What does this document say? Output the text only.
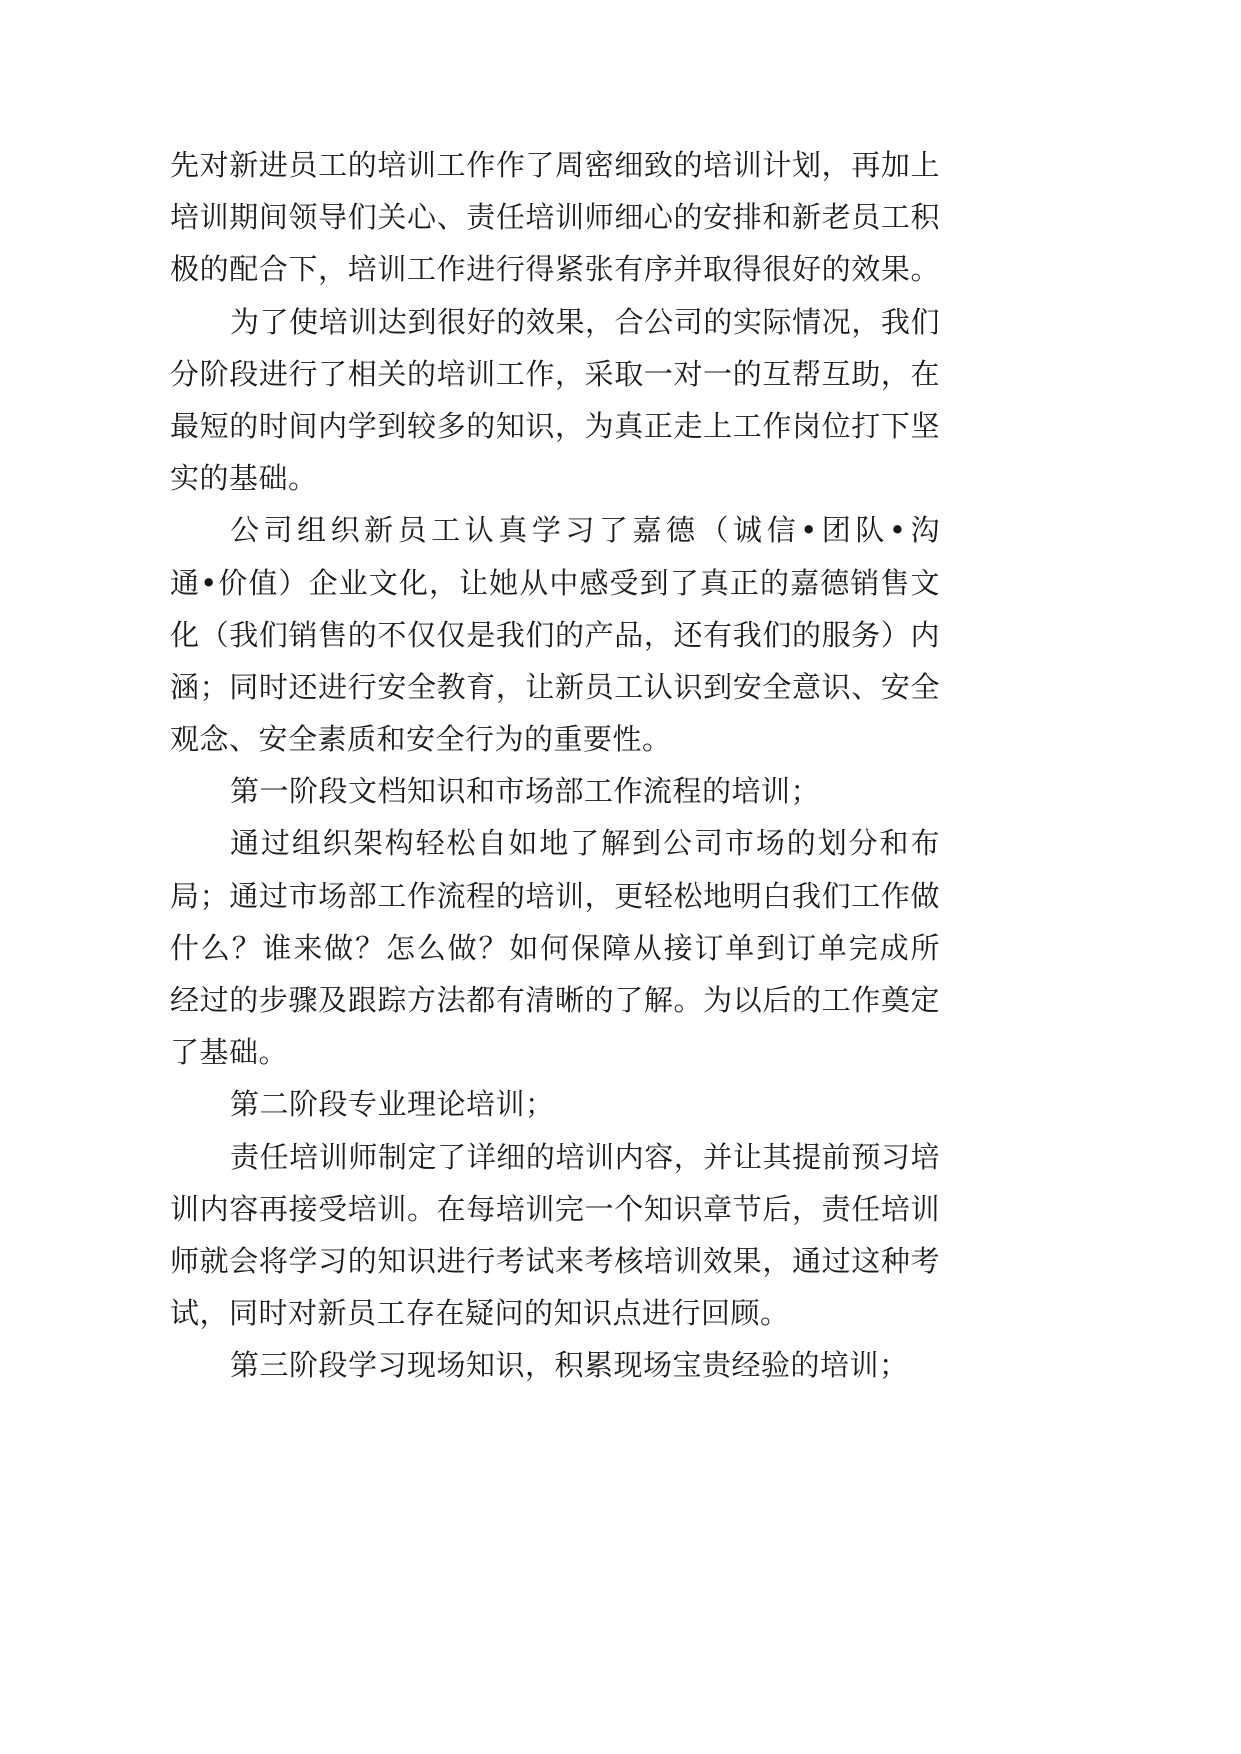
先对新进员工的培训工作作了周密细致的培训计划，再加上
培训期间领导们关心、责任培训师细心的安排和新老员工积
极的配合下，培训工作进行得紧张有序并取得很好的效果。
为了使培训达到很好的效果，合公司的实际情况，我们
分阶段进行了相关的培训工作，采取一对一的互帮互助，在
最短的时间内学到较多的知识，为真正走上工作岗位打下坚
实的基础。
公司组织新员工认真学习了嘉德（诚信•团队•沟
通•价值）企业文化，让她从中感受到了真正的嘉德销售文
化（我们销售的不仅仅是我们的产品，还有我们的服务）内
涵；同时还进行安全教育，让新员工认识到安全意识、安全
观念、安全素质和安全行为的重要性。
第一阶段文档知识和市场部工作流程的培训；
通过组织架构轻松自如地了解到公司市场的划分和布
局；通过市场部工作流程的培训，更轻松地明白我们工作做
什么？谁来做？怎么做？如何保障从接订单到订单完成所
经过的步骤及跟踪方法都有清晰的了解。为以后的工作奠定
了基础。
第二阶段专业理论培训；
责任培训师制定了详细的培训内容，并让其提前预习培
训内容再接受培训。在每培训完一个知识章节后，责任培训
师就会将学习的知识进行考试来考核培训效果，通过这种考
试，同时对新员工存在疑问的知识点进行回顾。
第三阶段学习现场知识，积累现场宝贵经验的培训；
